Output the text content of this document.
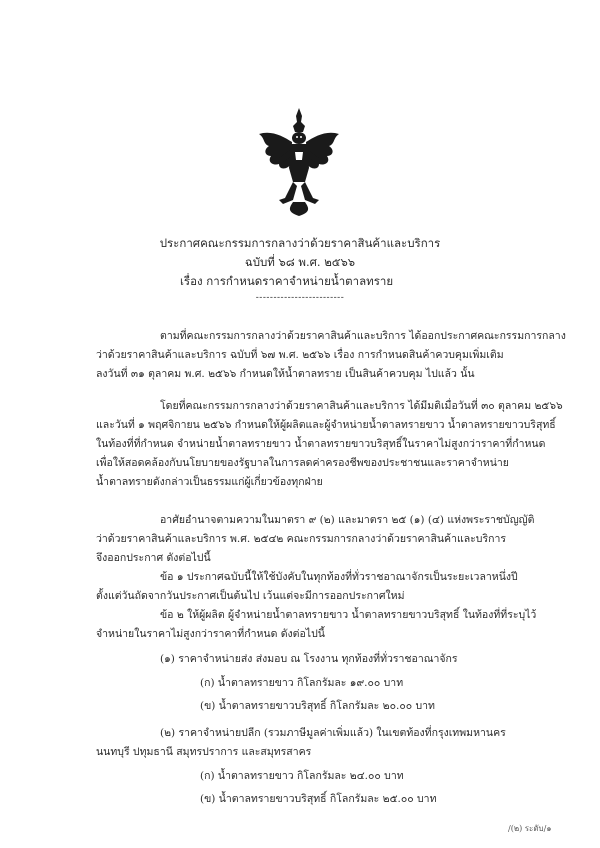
ประกาศคณะกรรมการกลางว่าด้วยราคาสินค้าและบริการ
ฉบับที่ ๖๘ พ.ศ. ๒๕๖๖
เรื่อง การกำหนดราคาจำหน่ายน้ำตาลทราย
-------------------------
ตามที่คณะกรรมการกลางว่าด้วยราคาสินค้าและบริการ ได้ออกประกาศคณะกรรมการกลาง
ว่าด้วยราคาสินค้าและบริการ ฉบับที่ ๖๗ พ.ศ. ๒๕๖๖ เรื่อง การกำหนดสินค้าควบคุมเพิ่มเติม
ลงวันที่ ๓๑ ตุลาคม พ.ศ. ๒๕๖๖ กำหนดให้น้ำตาลทราย เป็นสินค้าควบคุม ไปแล้ว นั้น
โดยที่คณะกรรมการกลางว่าด้วยราคาสินค้าและบริการ ได้มีมติเมื่อวันที่ ๓๐ ตุลาคม ๒๕๖๖
และวันที่ ๑ พฤศจิกายน ๒๕๖๖ กำหนดให้ผู้ผลิตและผู้จำหน่ายน้ำตาลทรายขาว น้ำตาลทรายขาวบริสุทธิ์
ในท้องที่ที่กำหนด จำหน่ายน้ำตาลทรายขาว น้ำตาลทรายขาวบริสุทธิ์ในราคาไม่สูงกว่าราคาที่กำหนด
เพื่อให้สอดคล้องกับนโยบายของรัฐบาลในการลดค่าครองชีพของประชาชนและราคาจำหน่าย
น้ำตาลทรายดังกล่าวเป็นธรรมแก่ผู้เกี่ยวข้องทุกฝ่าย
อาศัยอำนาจตามความในมาตรา ๙ (๒) และมาตรา ๒๕ (๑) (๔) แห่งพระราชบัญญัติ
ว่าด้วยราคาสินค้าและบริการ พ.ศ. ๒๕๔๒ คณะกรรมการกลางว่าด้วยราคาสินค้าและบริการ
จึงออกประกาศ ดังต่อไปนี้
ข้อ ๑ ประกาศฉบับนี้ให้ใช้บังคับในทุกท้องที่ทั่วราชอาณาจักรเป็นระยะเวลาหนึ่งปี
ตั้งแต่วันถัดจากวันประกาศเป็นต้นไป เว้นแต่จะมีการออกประกาศใหม่
ข้อ ๒ ให้ผู้ผลิต ผู้จำหน่ายน้ำตาลทรายขาว น้ำตาลทรายขาวบริสุทธิ์ ในท้องที่ที่ระบุไว้
จำหน่ายในราคาไม่สูงกว่าราคาที่กำหนด ดังต่อไปนี้
(๑) ราคาจำหน่ายส่ง ส่งมอบ ณ โรงงาน ทุกท้องที่ทั่วราชอาณาจักร
(ก) น้ำตาลทรายขาว กิโลกรัมละ ๑๙.๐๐ บาท
(ข) น้ำตาลทรายขาวบริสุทธิ์ กิโลกรัมละ ๒๐.๐๐ บาท
(๒) ราคาจำหน่ายปลีก (รวมภาษีมูลค่าเพิ่มแล้ว) ในเขตท้องที่กรุงเทพมหานคร
นนทบุรี ปทุมธานี สมุทรปราการ และสมุทรสาคร
(ก) น้ำตาลทรายขาว กิโลกรัมละ ๒๔.๐๐ บาท
(ข) น้ำตาลทรายขาวบริสุทธิ์ กิโลกรัมละ ๒๕.๐๐ บาท
/(๒) ระดับ/๑
